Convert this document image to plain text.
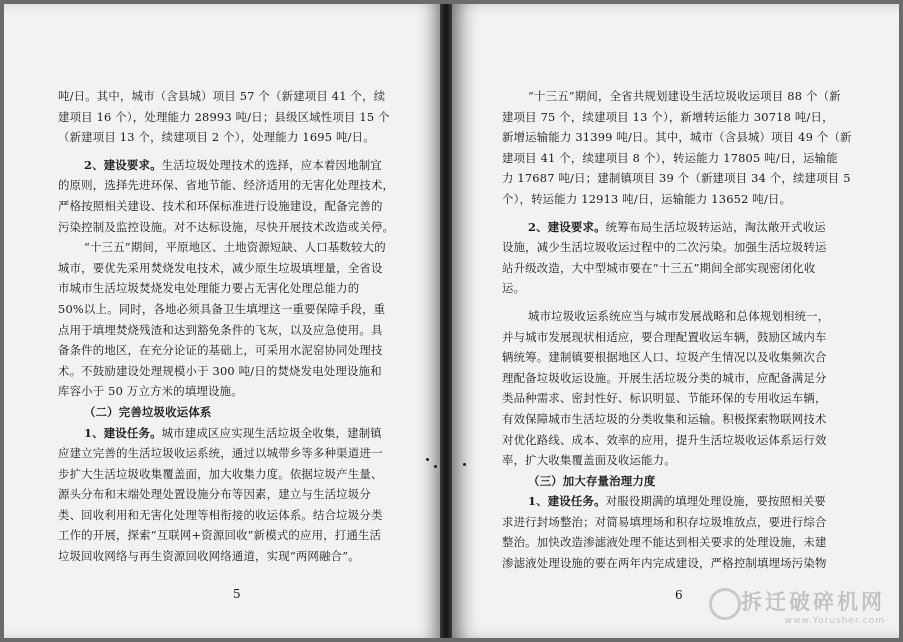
吨/日。其中，城市（含县城）项目 57 个（新建项目 41 个，续
建项目 16 个），处理能力 28993 吨/日；县级区域性项目 15 个
（新建项目 13 个，续建项目 2 个），处理能力 1695 吨/日。
2、建设要求。生活垃圾处理技术的选择，应本着因地制宜
的原则，选择先进环保、省地节能、经济适用的无害化处理技术，
严格按照相关建设、技术和环保标准进行设施建设，配备完善的
污染控制及监控设施。对不达标设施，尽快开展技术改造或关停。
“十三五”期间，平原地区、土地资源短缺、人口基数较大的
城市，要优先采用焚烧发电技术，减少原生垃圾填埋量，全省设
市城市生活垃圾焚烧发电处理能力要占无害化处理总能力的
50%以上。同时，各地必须具备卫生填埋这一重要保障手段，重
点用于填埋焚烧残渣和达到豁免条件的飞灰，以及应急使用。具
备条件的地区，在充分论证的基础上，可采用水泥窑协同处理技
术。不鼓励建设处理规模小于 300 吨/日的焚烧发电处理设施和
库容小于 50 万立方米的填埋设施。
（二）完善垃圾收运体系
1、建设任务。城市建成区应实现生活垃圾全收集，建制镇
应建立完善的生活垃圾收运系统，通过以城带乡等多种渠道进一
步扩大生活垃圾收集覆盖面，加大收集力度。依据垃圾产生量、
源头分布和末端处理处置设施分布等因素，建立与生活垃圾分
类、回收利用和无害化处理等相衔接的收运体系。结合垃圾分类
工作的开展，探索“互联网+资源回收”新模式的应用，打通生活
垃圾回收网络与再生资源回收网络通道，实现“两网融合”。
5
“十三五”期间，全省共规划建设生活垃圾收运项目 88 个（新
建项目 75 个，续建项目 13 个），新增转运能力 30718 吨/日，
新增运输能力 31399 吨/日。其中，城市（含县城）项目 49 个（新
建项目 41 个，续建项目 8 个），转运能力 17805 吨/日，运输能
力 17687 吨/日；建制镇项目 39 个（新建项目 34 个，续建项目 5
个），转运能力 12913 吨/日，运输能力 13652 吨/日。
2、建设要求。统筹布局生活垃圾转运站，淘汰敞开式收运
设施，减少生活垃圾收运过程中的二次污染。加强生活垃圾转运
站升级改造，大中型城市要在“十三五”期间全部实现密闭化收
运。
城市垃圾收运系统应当与城市发展战略和总体规划相统一，
并与城市发展现状相适应，要合理配置收运车辆，鼓励区域内车
辆统筹。建制镇要根据地区人口、垃圾产生情况以及收集频次合
理配备垃圾收运设施。开展生活垃圾分类的城市，应配备满足分
类品种需求、密封性好、标识明显、节能环保的专用收运车辆，
有效保障城市生活垃圾的分类收集和运输。积极探索物联网技术
对优化路线、成本、效率的应用，提升生活垃圾收运体系运行效
率，扩大收集覆盖面及收运能力。
（三）加大存量治理力度
1、建设任务。对服役期满的填埋处理设施，要按照相关要
求进行封场整治；对简易填埋场和积存垃圾堆放点，要进行综合
整治。加快改造渗滤液处理不能达到相关要求的处理设施，未建
渗滤液处理设施的要在两年内完成建设，严格控制填埋场污染物
6	拆迁破碎机网
www.Yorusher.com
